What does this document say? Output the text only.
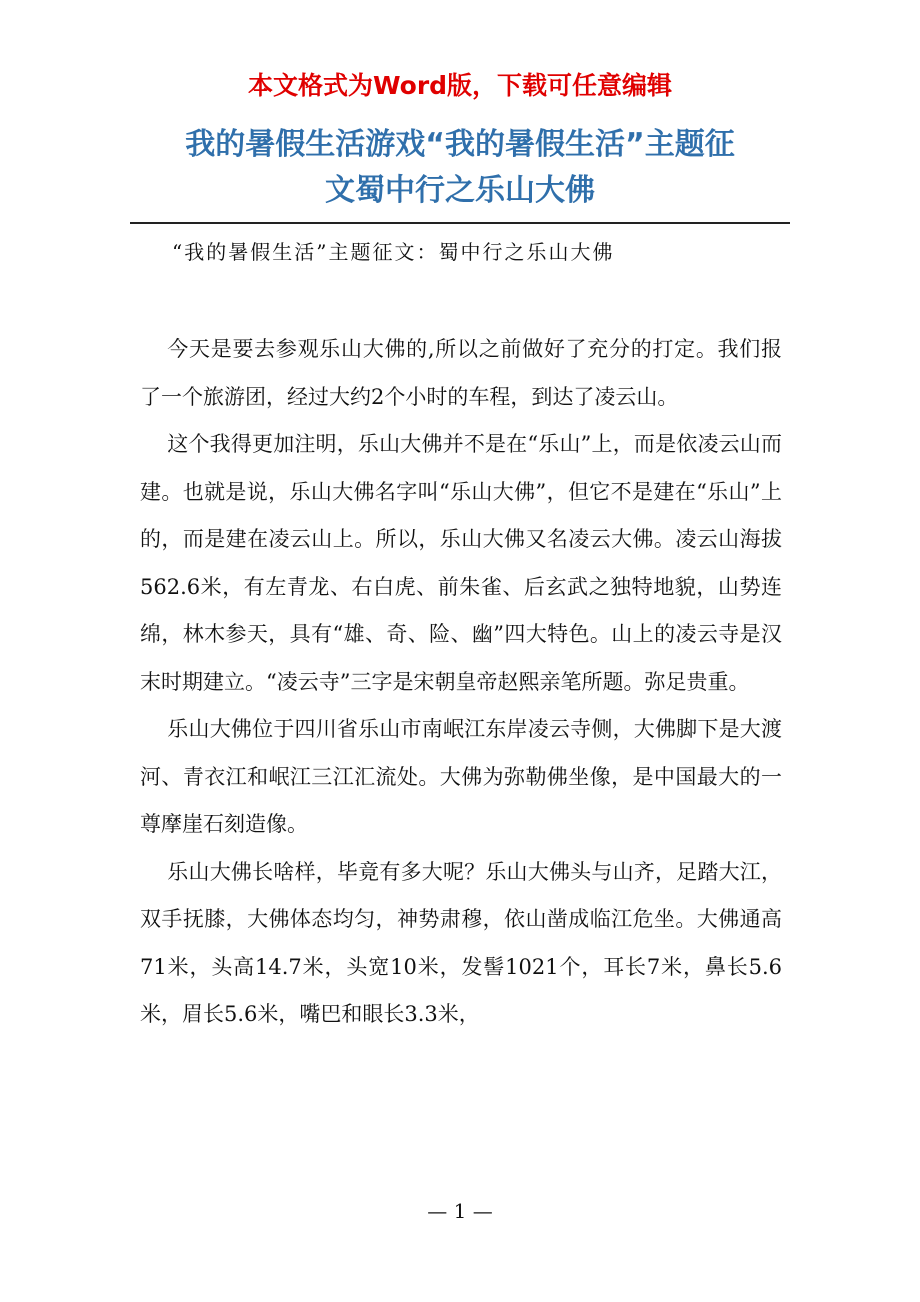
本文格式为Word版，下载可任意编辑
我的暑假生活游戏“我的暑假生活”主题征
文蜀中行之乐山大佛
“我的暑假生活”主题征文：蜀中行之乐山大佛

今天是要去参观乐山大佛的,所以之前做好了充分的打定。我们报了一个旅游团，经过大约2个小时的车程，到达了凌云山。

这个我得更加注明，乐山大佛并不是在“乐山”上，而是依凌云山而建。也就是说，乐山大佛名字叫“乐山大佛”，但它不是建在“乐山”上的，而是建在凌云山上。所以，乐山大佛又名凌云大佛。凌云山海拔562.6米，有左青龙、右白虎、前朱雀、后玄武之独特地貌，山势连绵，林木参天，具有“雄、奇、险、幽”四大特色。山上的凌云寺是汉末时期建立。“凌云寺”三字是宋朝皇帝赵熙亲笔所题。弥足贵重。

乐山大佛位于四川省乐山市南岷江东岸凌云寺侧，大佛脚下是大渡河、青衣江和岷江三江汇流处。大佛为弥勒佛坐像，是中国最大的一尊摩崖石刻造像。

乐山大佛长啥样，毕竟有多大呢？乐山大佛头与山齐，足踏大江，双手抚膝，大佛体态均匀，神势肃穆，依山凿成临江危坐。大佛通高71米，头高14.7米，头宽10米，发髻1021个，耳长7米，鼻长5.6米，眉长5.6米，嘴巴和眼长3.3米，

— 1 —
